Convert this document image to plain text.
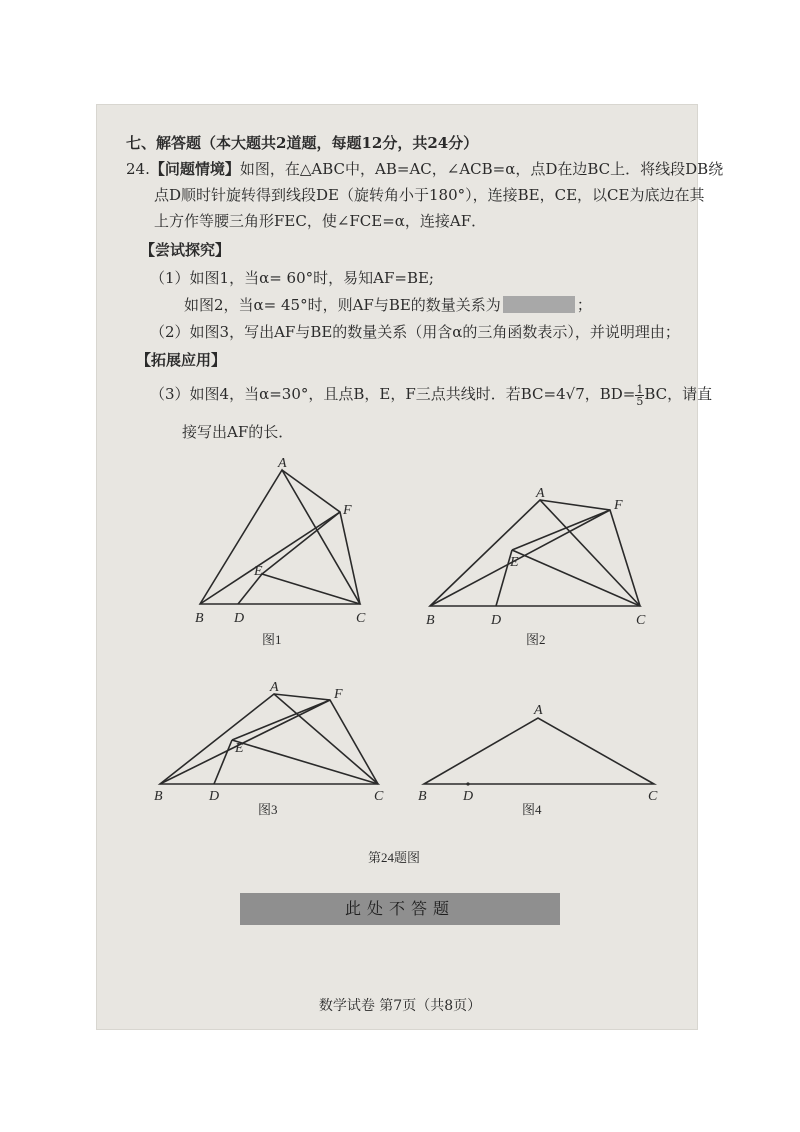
七、解答题（本大题共2道题，每题12分，共24分）
24.【问题情境】如图，在△ABC中，AB=AC，∠ACB=α，点D在边BC上．将线段DB绕
点D顺时针旋转得到线段DE（旋转角小于180°），连接BE，CE，以CE为底边在其
上方作等腰三角形FEC，使∠FCE=α，连接AF．
【尝试探究】
（1）如图1，当α= 60°时，易知AF=BE;
如图2，当α= 45°时，则AF与BE的数量关系为	；
（2）如图3，写出AF与BE的数量关系（用含α的三角函数表示），并说明理由；
【拓展应用】
（3）如图4，当α=30°，且点B，E，F三点共线时．若BC=4√7，$BD= \frac{1}{5}$ BC，请直
接写出AF的长．
A
F
E
B D	C
图1
A
F
E
B	D	C
图2
A	F
E
B	D	C
图3
A
B	D	C
图4
第24题图
此处不答题
数学试卷 第7页（共8页）
